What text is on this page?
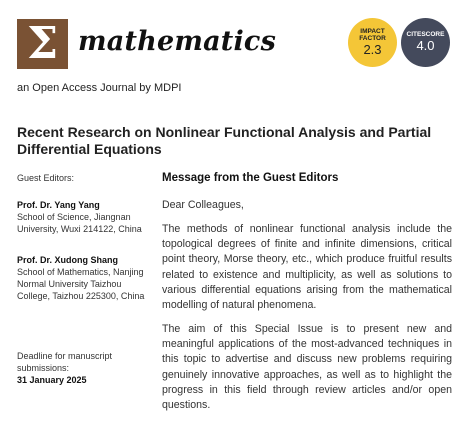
Σ mathematics
an Open Access Journal by MDPI
IMPACT
FACTOR
2.3
CITESCORE
4.0
Recent Research on Nonlinear Functional Analysis and Partial Differential Equations
Guest Editors:
Prof. Dr. Yang Yang
School of Science, Jiangnan
University, Wuxi 214122, China
Prof. Dr. Xudong Shang
School of Mathematics, Nanjing
Normal University Taizhou
College, Taizhou 225300, China
Deadline for manuscript
submissions:
31 January 2025
Message from the Guest Editors
Dear Colleagues,
The methods of nonlinear functional analysis include the topological degrees of finite and infinite dimensions, critical point theory, Morse theory, etc., which produce fruitful results related to existence and multiplicity, as well as solutions to various differential equations arising from the mathematical modelling of natural phenomena.
The aim of this Special Issue is to present new and meaningful applications of the most-advanced techniques in this topic to advertise and discuss new problems requiring genuinely innovative approaches, as well as to highlight the progress in this field through review articles and/or open questions.
